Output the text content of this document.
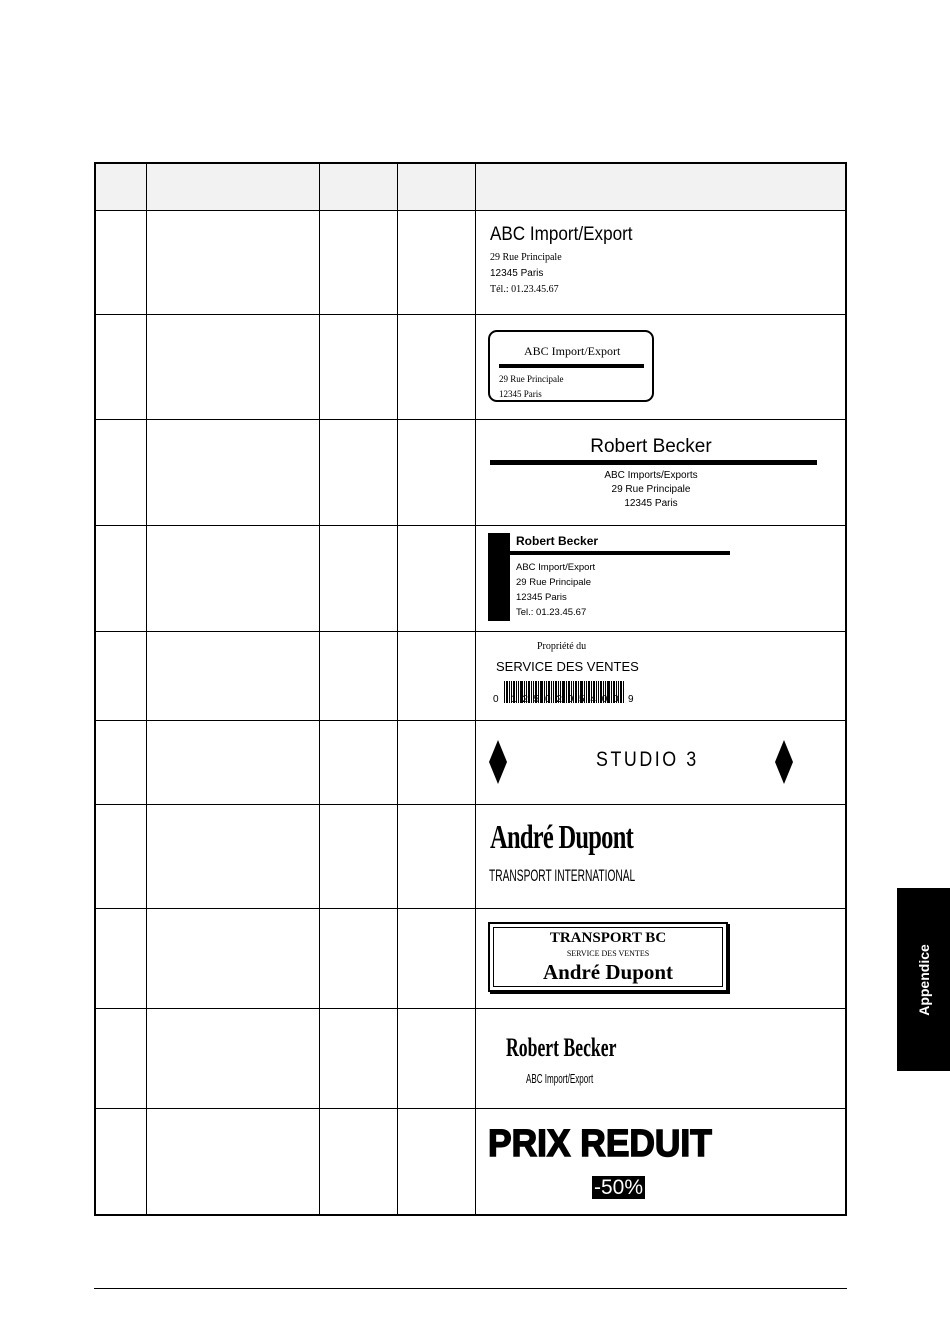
ABC Import/Export
29 Rue Principale
12345 Paris
Tél.: 01.23.45.67
ABC Import/Export
29 Rue Principale
12345 Paris
Robert Becker
ABC Imports/Exports
29 Rue Principale
12345 Paris
Robert Becker
ABC Import/Export
29 Rue Principale
12345 Paris
Tel.: 01.23.45.67
Propriété du
SERVICE DES VENTES
0 1 2 5 0 2 0 5 4 0 0 9
STUDIO 3
André Dupont
TRANSPORT INTERNATIONAL
TRANSPORT BC
SERVICE DES VENTES
André Dupont
Robert Becker
ABC Import/Export
PRIX REDUIT
-50%
Appendice
